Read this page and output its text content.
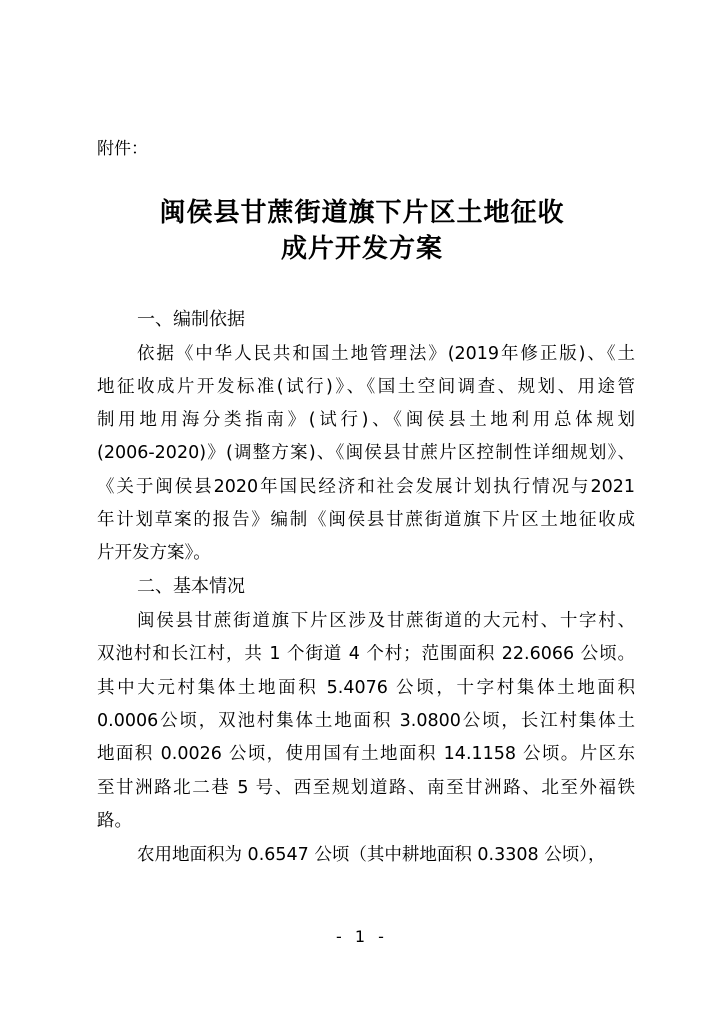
附件：
闽侯县甘蔗街道旗下片区土地征收
成片开发方案
一、编制依据
依据《中华人民共和国土地管理法》(2019年修正版)、《土
地征收成片开发标准(试行)》、《国土空间调查、规划、用途管
制用地用海分类指南》(试行)、《闽侯县土地利用总体规划
(2006-2020)》(调整方案)、《闽侯县甘蔗片区控制性详细规划》、
《关于闽侯县2020年国民经济和社会发展计划执行情况与2021
年计划草案的报告》编制《闽侯县甘蔗街道旗下片区土地征收成
片开发方案》。
二、基本情况
闽侯县甘蔗街道旗下片区涉及甘蔗街道的大元村、十字村、
双池村和长江村，共 1 个街道 4 个村；范围面积 22.6066 公顷。
其中大元村集体土地面积 5.4076 公顷，十字村集体土地面积
0.0006公顷，双池村集体土地面积 3.0800公顷，长江村集体土
地面积 0.0026 公顷，使用国有土地面积 14.1158 公顷。片区东
至甘洲路北二巷 5 号、西至规划道路、南至甘洲路、北至外福铁
路。
农用地面积为 0.6547 公顷（其中耕地面积 0.3308 公顷），
- 1 -
